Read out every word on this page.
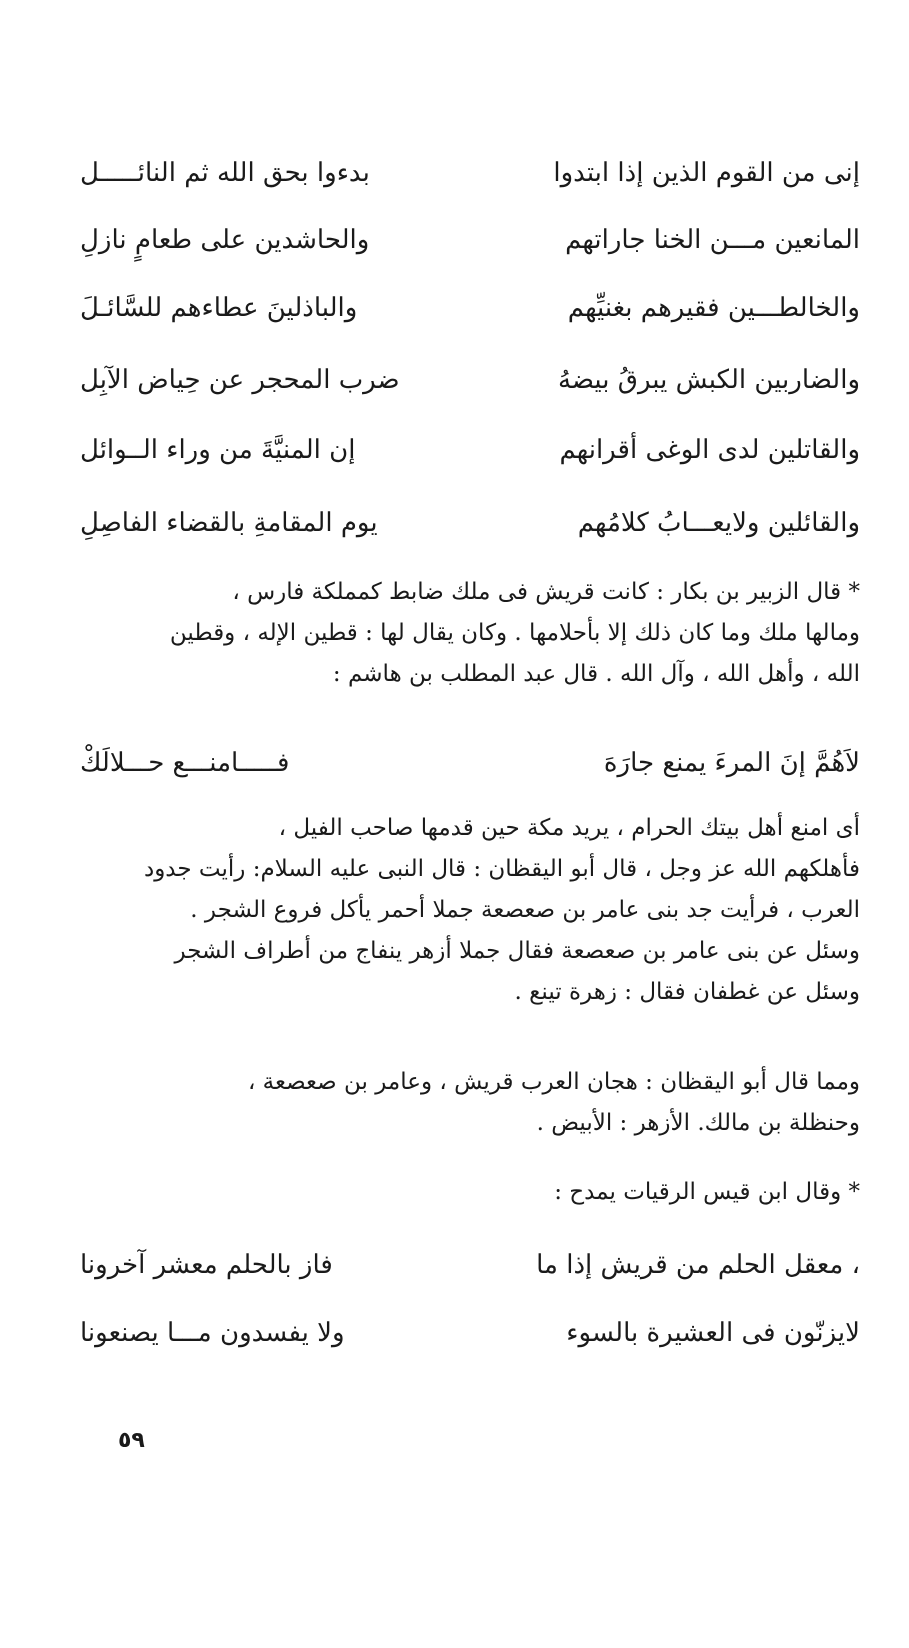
إنى من القوم الذين إذا ابتدوا
بدءوا بحق الله ثم النائـــــل
المانعين مـــن الخنا جاراتهم
والحاشدين على طعامٍ نازلِ
والخالطـــين فقيرهم بغنيِّهم
والباذلينَ عطاءهم للسَّائـلَ
والضاربين الكبش يبرقُ بيضهُ
ضرب المحجر عن حِياض الآبِل
والقاتلين لدى الوغى أقرانهم
إن المنيَّةَ من وراء الــوائل
والقائلين ولايعـــابُ كلامُهم
يوم المقامةِ بالقضاء الفاصِلِ

* قال الزبير بن بكار : كانت قريش فى ملك ضابط كمملكة فارس ،

ومالها ملك وما كان ذلك إلا بأحلامها . وكان يقال لها : قطين الإله ، وقطين

الله ، وأهل الله ، وآل الله . قال عبد المطلب بن هاشم :

لاَهُمَّ إنَ المرءَ يمنع جارَهَ
فـــــامنـــع حـــلالَكْ

أى امنع أهل بيتك الحرام ، يريد مكة حين قدمها صاحب الفيل ،

فأهلكهم الله عز وجل ، قال أبو اليقظان : قال النبى عليه السلام: رأيت جدود

العرب ، فرأيت جد بنى عامر بن صعصعة جملا أحمر يأكل فروع الشجر .

وسئل عن بنى عامر بن صعصعة فقال جملا أزهر ينفاج من أطراف الشجر

وسئل عن غطفان فقال : زهرة تينع .

ومما قال أبو اليقظان : هجان العرب قريش ، وعامر بن صعصعة ،

وحنظلة بن مالك. الأزهر : الأبيض .

* وقال ابن قيس الرقيات يمدح :

، معقل الحلم من قريش إذا ما
فاز بالحلم معشر آخرونا
لايزنّون فى العشيرة بالسوء
ولا يفسدون مـــا يصنعونا
٥٩
